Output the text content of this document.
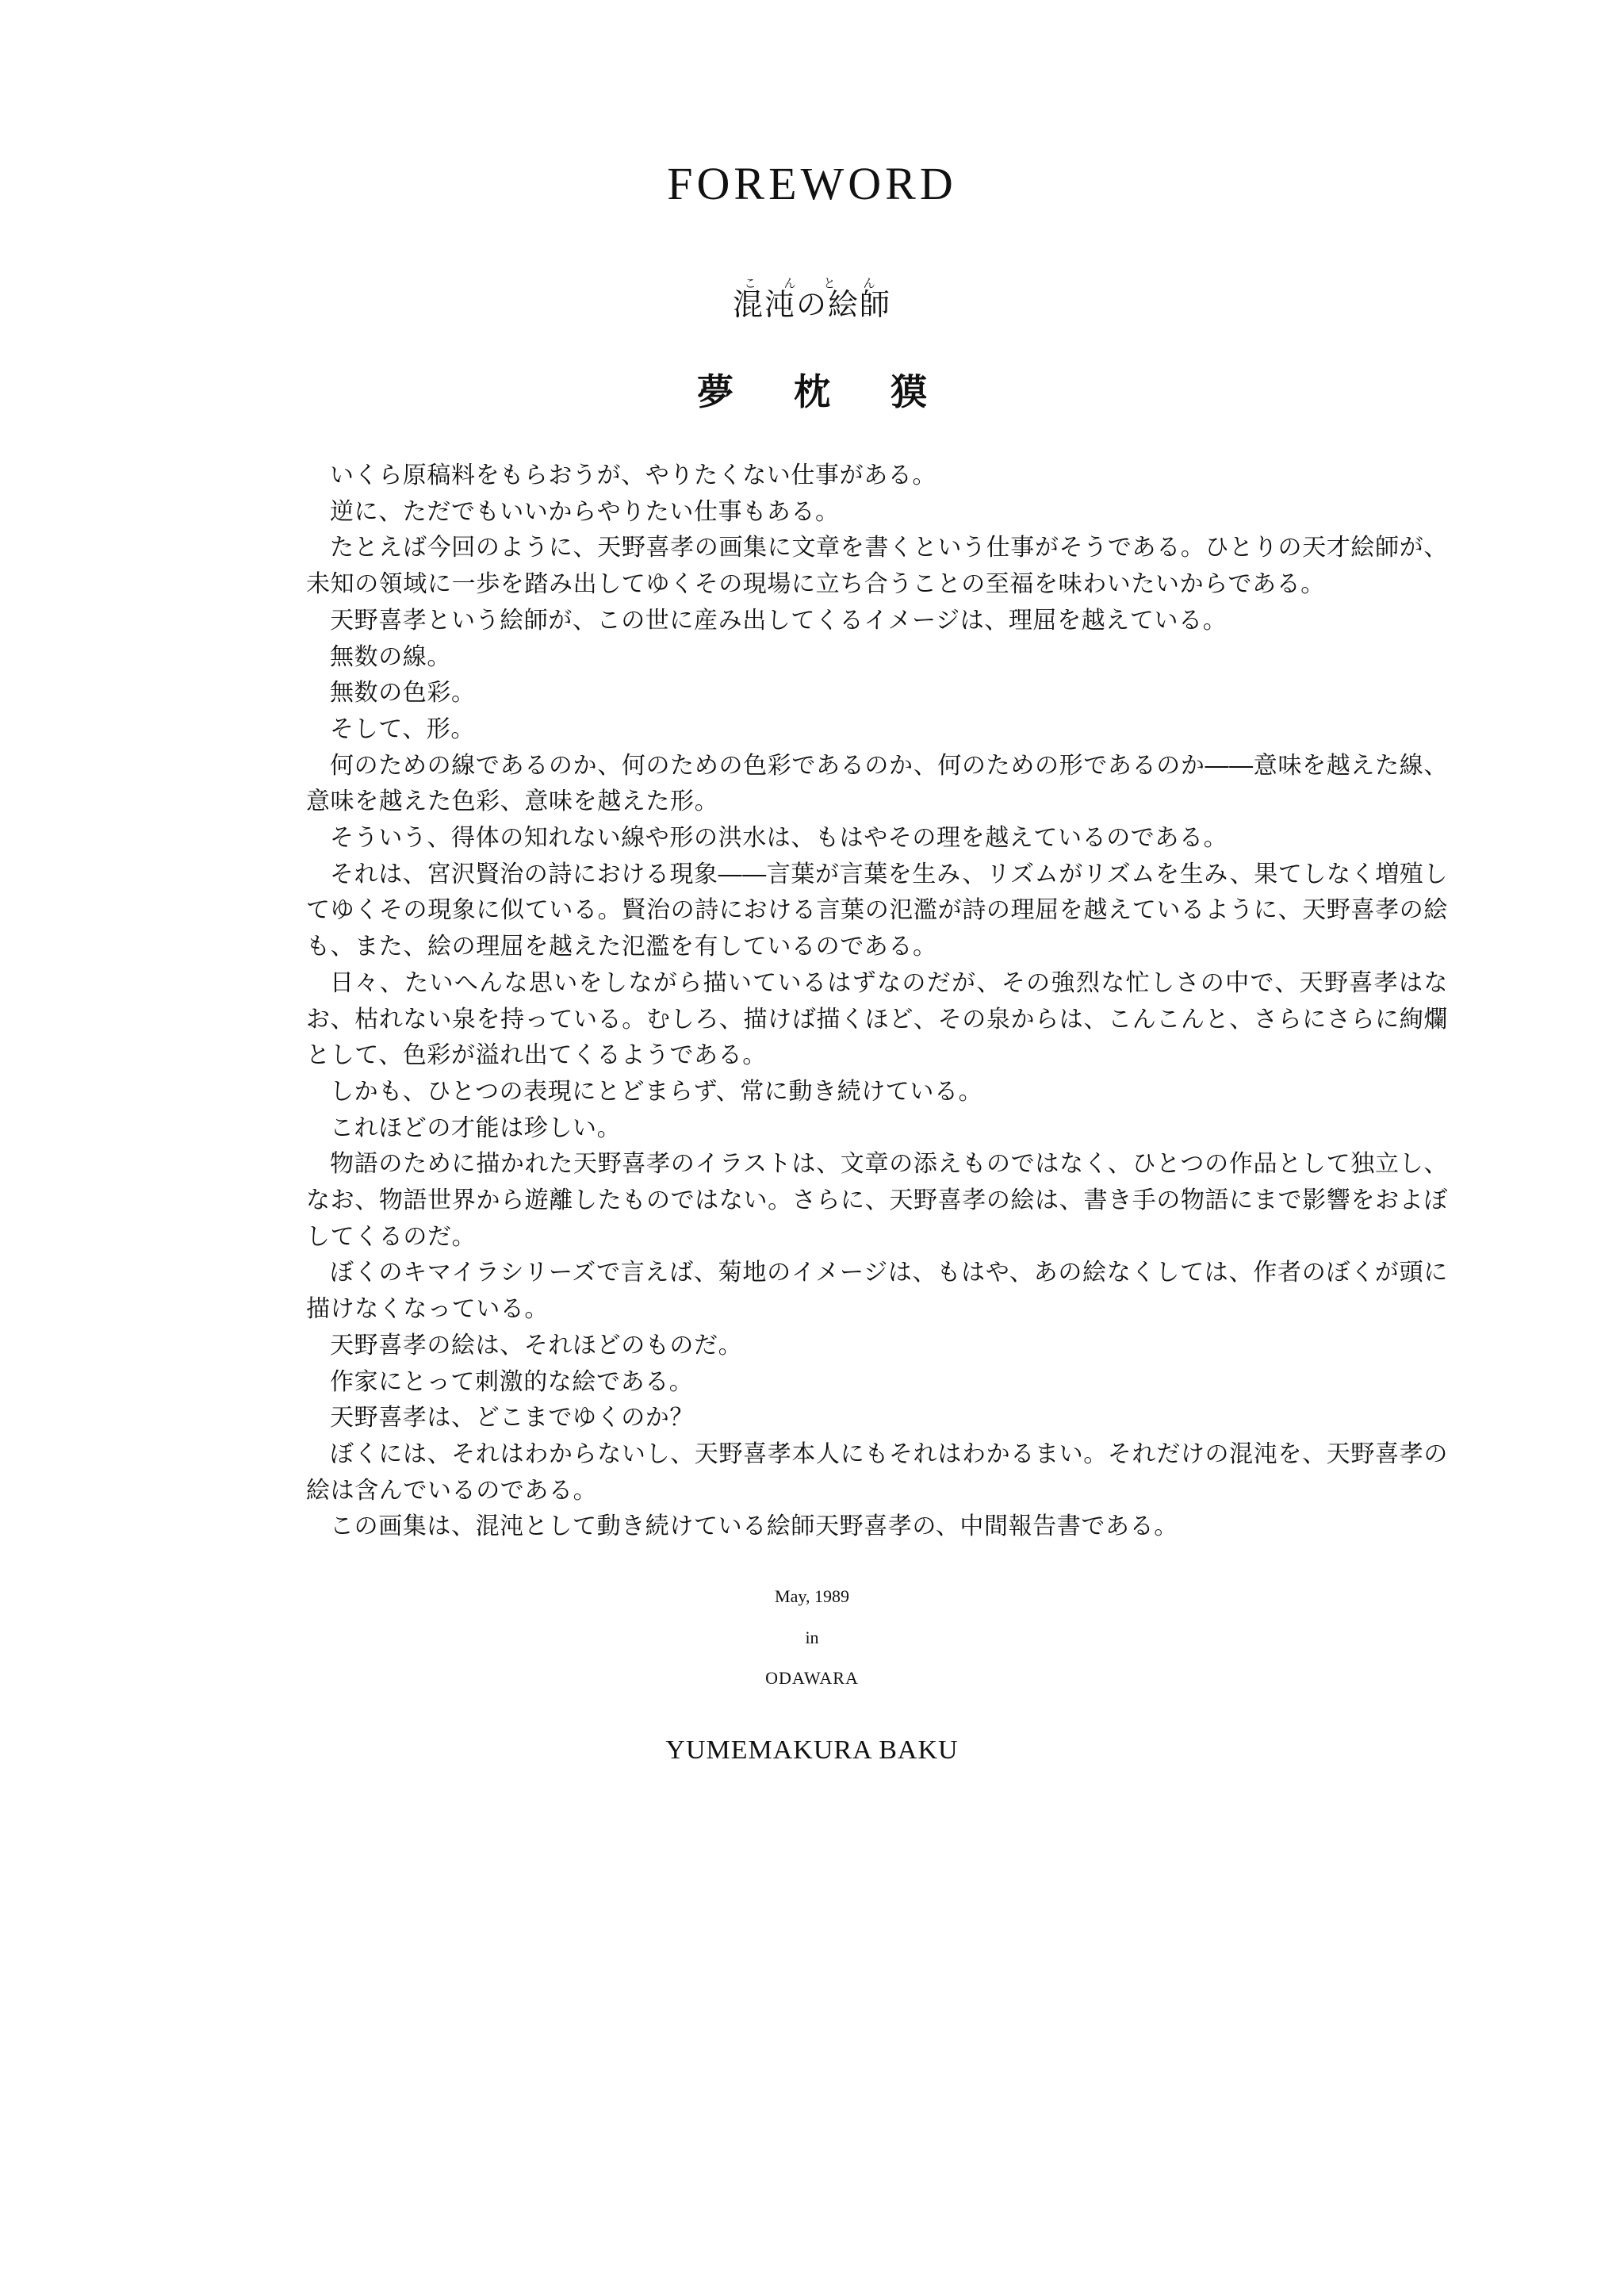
FOREWORD
混沌の絵師こんとん
夢枕獏
いくら原稿料をもらおうが、やりたくない仕事がある。
逆に、ただでもいいからやりたい仕事もある。
たとえば今回のように、天野喜孝の画集に文章を書くという仕事がそうである。ひとりの天才絵師が、未知の領域に一歩を踏み出してゆくその現場に立ち合うことの至福を味わいたいからである。
天野喜孝という絵師が、この世に産み出してくるイメージは、理屈を越えている。
無数の線。
無数の色彩。
そして、形。
何のための線であるのか、何のための色彩であるのか、何のための形であるのか――意味を越えた線、意味を越えた色彩、意味を越えた形。
そういう、得体の知れない線や形の洪水は、もはやその理を越えているのである。
それは、宮沢賢治の詩における現象――言葉が言葉を生み、リズムがリズムを生み、果てしなく増殖してゆくその現象に似ている。賢治の詩における言葉の氾濫が詩の理屈を越えているように、天野喜孝の絵も、また、絵の理屈を越えた氾濫を有しているのである。
日々、たいへんな思いをしながら描いているはずなのだが、その強烈な忙しさの中で、天野喜孝はなお、枯れない泉を持っている。むしろ、描けば描くほど、その泉からは、こんこんと、さらにさらに絢爛として、色彩が溢れ出てくるようである。
しかも、ひとつの表現にとどまらず、常に動き続けている。
これほどの才能は珍しい。
物語のために描かれた天野喜孝のイラストは、文章の添えものではなく、ひとつの作品として独立し、なお、物語世界から遊離したものではない。さらに、天野喜孝の絵は、書き手の物語にまで影響をおよぼしてくるのだ。
ぼくのキマイラシリーズで言えば、菊地のイメージは、もはや、あの絵なくしては、作者のぼくが頭に描けなくなっている。
天野喜孝の絵は、それほどのものだ。
作家にとって刺激的な絵である。
天野喜孝は、どこまでゆくのか？
ぼくには、それはわからないし、天野喜孝本人にもそれはわかるまい。それだけの混沌を、天野喜孝の絵は含んでいるのである。
この画集は、混沌として動き続けている絵師天野喜孝の、中間報告書である。
May, 1989
in
ODAWARA
YUMEMAKURA BAKU
